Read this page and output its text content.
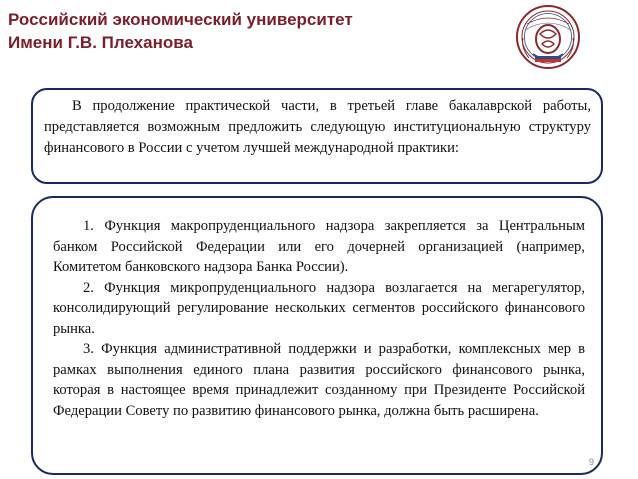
Российский экономический университет
Имени Г.В. Плеханова

В продолжение практической части, в третьей главе бакалаврской работы, представляется возможным предложить следующую институциональную структуру финансового в России с учетом лучшей международной практики:

1. Функция макропруденциального надзора закрепляется за Центральным банком Российской Федерации или его дочерней организацией (например, Комитетом банковского надзора Банка России).

2. Функция микропруденциального надзора возлагается на мегарегулятор, консолидирующий регулирование нескольких сегментов российского финансового рынка.

3. Функция административной поддержки и разработки, комплексных мер в рамках выполнения единого плана развития российского финансового рынка, которая в настоящее время принадлежит созданному при Президенте Российской Федерации Совету по развитию финансового рынка, должна быть расширена.

9
